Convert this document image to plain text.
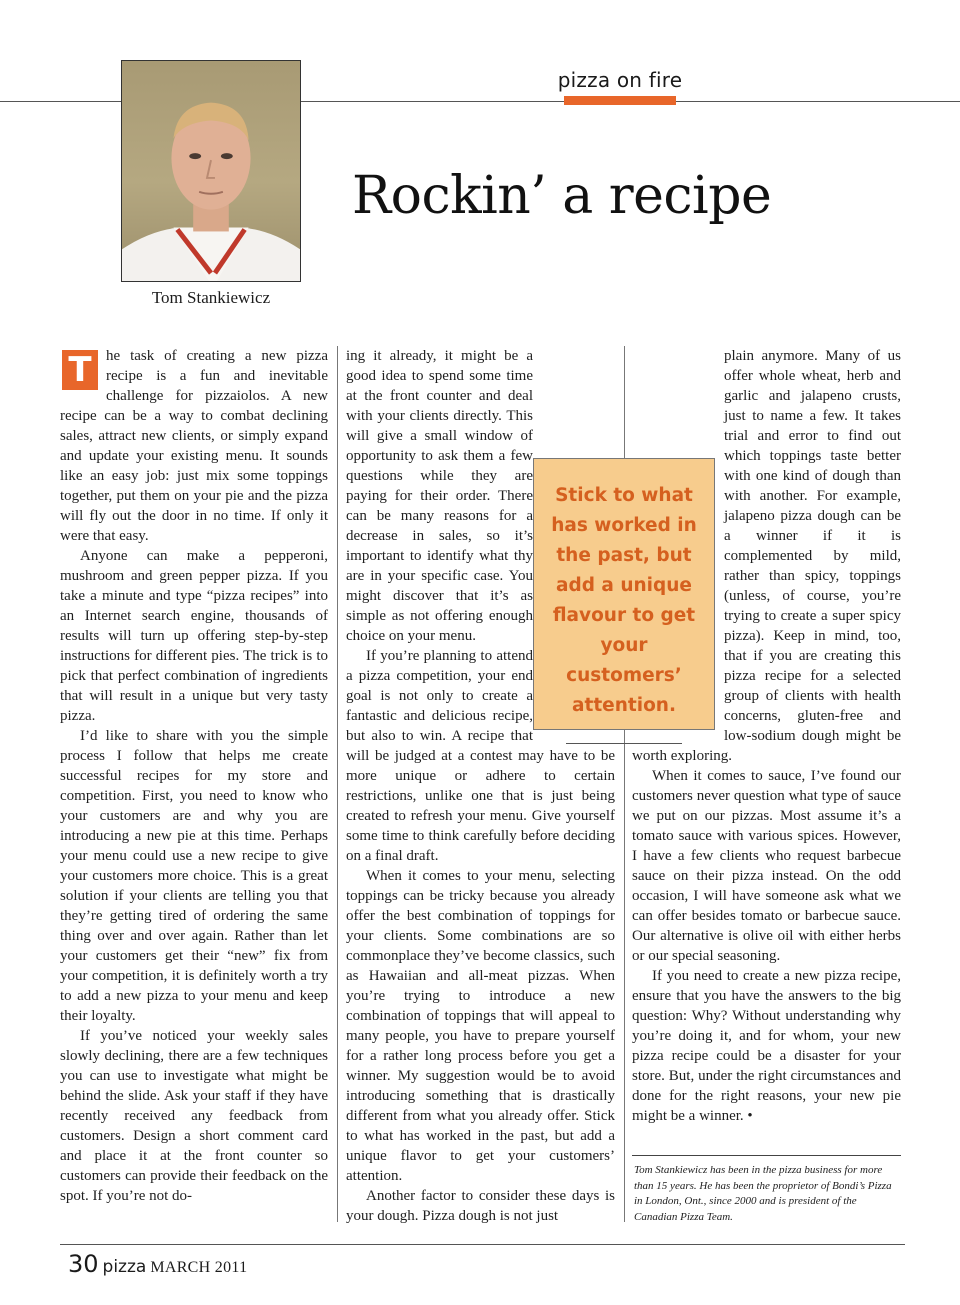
pizza on fire
Tom Stankiewicz
Rockin’ a recipe

T he task of creating a new pizza recipe is a fun and inevitable challenge for pizzaiolos. A new recipe can be a way to combat declining sales, attract new clients, or simply expand and update your existing menu. It sounds like an easy job: just mix some toppings together, put them on your pie and the pizza will fly out the door in no time. If only it were that easy.

Anyone can make a pepperoni, mushroom and green pepper pizza. If you take a minute and type “pizza recipes” into an Internet search engine, thousands of results will turn up offering step-by-step instructions for different pies. The trick is to pick that perfect combination of ingredients that will result in a unique but very tasty pizza.

I’d like to share with you the simple process I follow that helps me create successful recipes for my store and competition. First, you need to know who your customers are and why you are introducing a new pie at this time. Perhaps your menu could use a new recipe to give your customers more choice. This is a great solution if your clients are telling you that they’re getting tired of ordering the same thing over and over again. Rather than let your customers get their “new” fix from your competition, it is definitely worth a try to add a new pizza to your menu and keep their loyalty.

If you’ve noticed your weekly sales slowly declining, there are a few techniques you can use to investigate what might be behind the slide. Ask your staff if they have recently received any feedback from customers. Design a short comment card and place it at the front counter so customers can provide their feedback on the spot. If you’re not do-

ing it already, it might be a good idea to spend some time at the front counter and deal with your clients directly. This will give a small window of opportunity to ask them a few questions while they are paying for their order. There can be many reasons for a decrease in sales, so it’s important to identify what thy are in your specific case. You might discover that it’s as simple as not offering enough choice on your menu.

If you’re planning to attend a pizza competition, your end goal is not only to create a fantastic and delicious recipe, but also to win. A recipe that will be judged at a contest may have to be more unique or adhere to certain restrictions, unlike one that is just being created to refresh your menu. Give yourself some time to think carefully before deciding on a final draft.

When it comes to your menu, selecting toppings can be tricky because you already offer the best combination of toppings for your clients. Some combinations are so commonplace they’ve become classics, such as Hawaiian and all-meat pizzas. When you’re trying to introduce a new combination of toppings that will appeal to many people, you have to prepare yourself for a rather long process before you get a winner. My suggestion would be to avoid introducing something that is drastically different from what you already offer. Stick to what has worked in the past, but add a unique flavor to get your customers’ attention.

Another factor to consider these days is your dough. Pizza dough is not just

plain anymore. Many of us offer whole wheat, herb and garlic and jalapeno crusts, just to name a few. It takes trial and error to find out which toppings taste better with one kind of dough than with another. For example, jalapeno pizza dough can be a winner if it is complemented by mild, rather than spicy, toppings (unless, of course, you’re trying to create a super spicy pizza). Keep in mind, too, that if you are creating this pizza recipe for a selected group of clients with health concerns, gluten-free and low-sodium dough might be worth exploring.

When it comes to sauce, I’ve found our customers never question what type of sauce we put on our pizzas. Most assume it’s a tomato sauce with various spices. However, I have a few clients who request barbecue sauce on their pizza instead. On the odd occasion, I will have someone ask what we can offer besides tomato or barbecue sauce. Our alternative is olive oil with either herbs or our special seasoning.

If you need to create a new pizza recipe, ensure that you have the answers to the big question: Why? Without understanding why you’re doing it, and for whom, your new pizza recipe could be a disaster for your store. But, under the right circumstances and done for the right reasons, your new pie might be a winner. •

Stick to what has worked in the past, but add a unique flavour to get your customers’ attention.
Tom Stankiewicz has been in the pizza business for more than 15 years. He has been the proprietor of Bondi’s Pizza in London, Ont., since 2000 and is president of the Canadian Pizza Team.
30 pizza MARCH 2011
